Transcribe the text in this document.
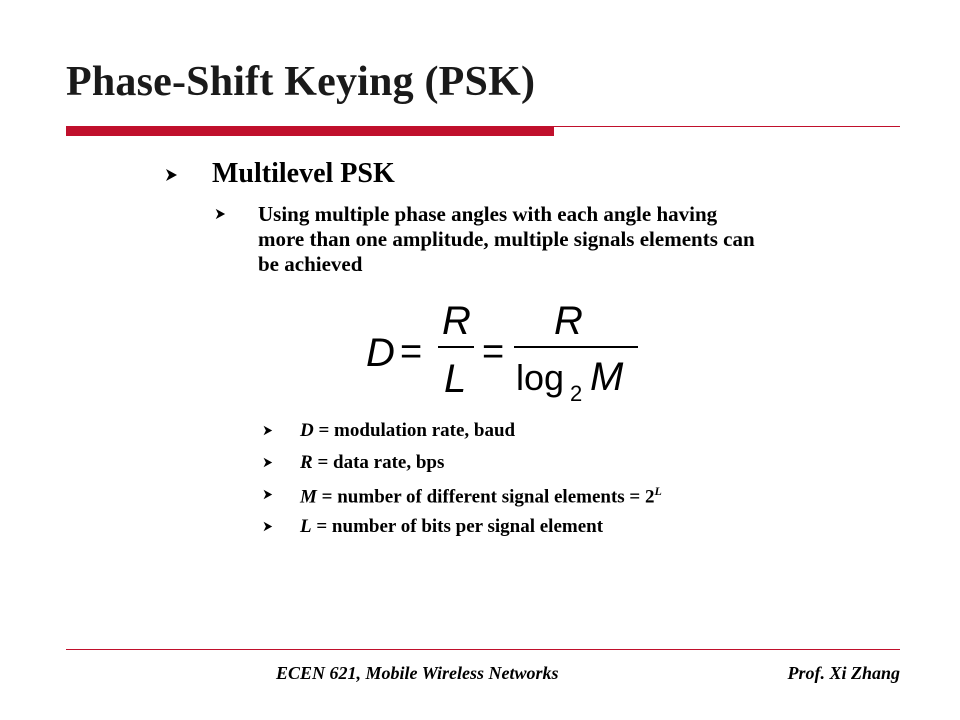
Phase-Shift Keying (PSK)
Multilevel PSK
Using multiple phase angles with each angle having
more than one amplitude, multiple signals elements can
be achieved
D =
R
L
=
R
log 2 M
D = modulation rate, baud
R = data rate, bps
M = number of different signal elements = $2^L$
L = number of bits per signal element
ECEN 621, Mobile Wireless Networks	Prof. Xi Zhang
